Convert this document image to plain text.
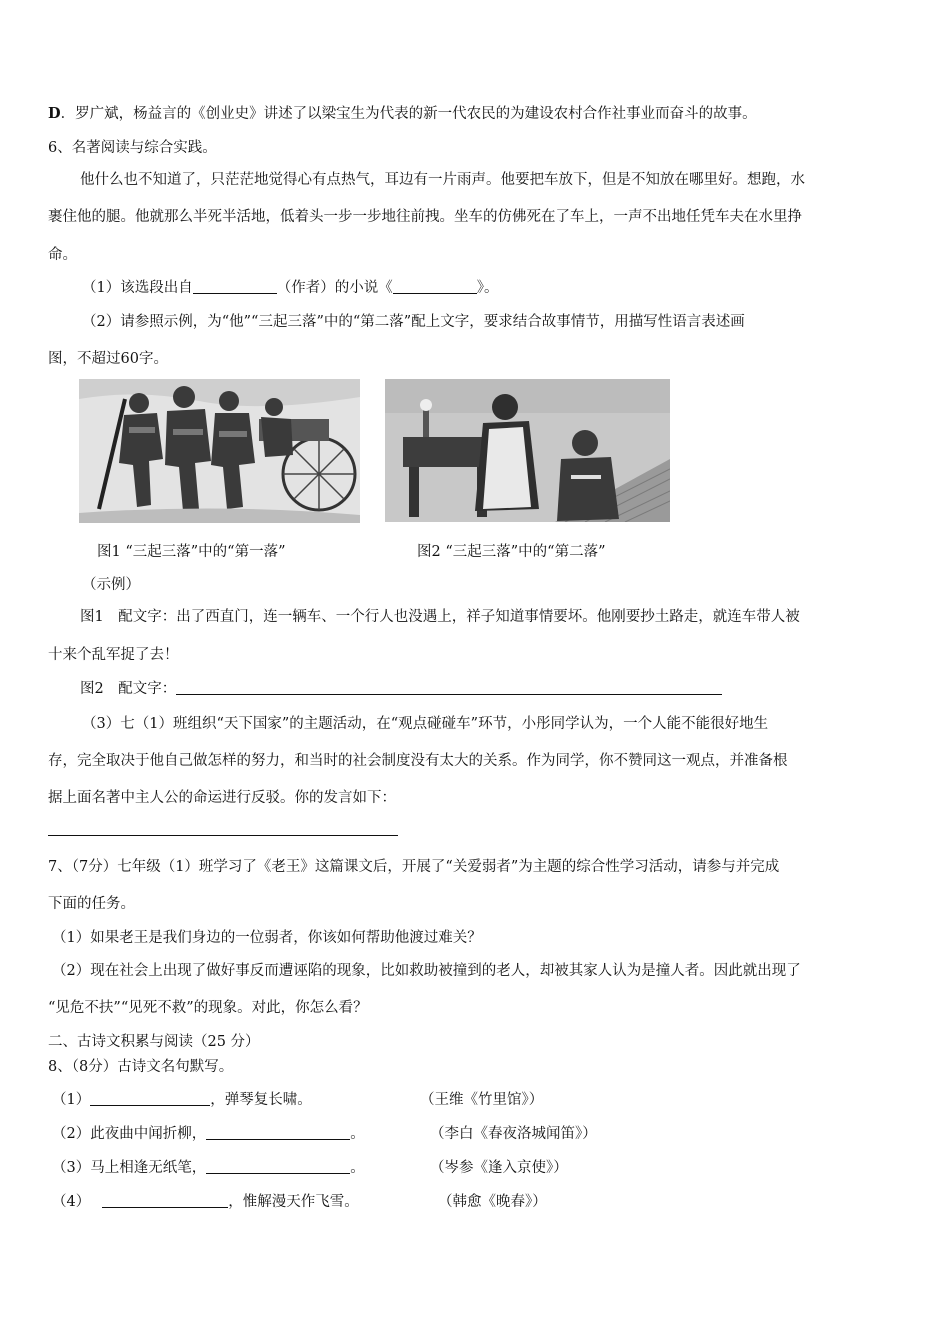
D．罗广斌，杨益言的《创业史》讲述了以梁宝生为代表的新一代农民的为建设农村合作社事业而奋斗的故事。
6、名著阅读与综合实践。
他什么也不知道了，只茫茫地觉得心有点热气，耳边有一片雨声。他要把车放下，但是不知放在哪里好。想跑，水
裹住他的腿。他就那么半死半活地，低着头一步一步地往前拽。坐车的仿佛死在了车上，一声不出地任凭车夫在水里挣
命。
（1）该选段出自	（作者）的小说《	》。
（2）请参照示例，为“他”“三起三落”中的“第二落”配上文字，要求结合故事情节，用描写性语言表述画
图，不超过60字。
图1 “三起三落”中的“第一落”	图2 “三起三落”中的“第二落”
（示例）
图1　配文字：出了西直门，连一辆车、一个行人也没遇上，祥子知道事情要坏。他刚要抄土路走，就连车带人被
十来个乱军捉了去！
图2　配文字：
（3）七（1）班组织“天下国家”的主题活动，在“观点碰碰车”环节，小彤同学认为，一个人能不能很好地生
存，完全取决于他自己做怎样的努力，和当时的社会制度没有太大的关系。作为同学，你不赞同这一观点，并准备根
据上面名著中主人公的命运进行反驳。你的发言如下：
7、（7分）七年级（1）班学习了《老王》这篇课文后，开展了“关爱弱者”为主题的综合性学习活动，请参与并完成
下面的任务。
（1）如果老王是我们身边的一位弱者，你该如何帮助他渡过难关？
（2）现在社会上出现了做好事反而遭诬陷的现象，比如救助被撞到的老人，却被其家人认为是撞人者。因此就出现了
“见危不扶”“见死不救”的现象。对此，你怎么看？
二、古诗文积累与阅读（25 分）
8、（8分）古诗文名句默写。
（1）	，弹琴复长啸。	（王维《竹里馆》）
（2）此夜曲中闻折柳，	。	（李白《春夜洛城闻笛》）
（3）马上相逢无纸笔，	。	（岑参《逢入京使》）
（4）	，惟解漫天作飞雪。	（韩愈《晚春》）
